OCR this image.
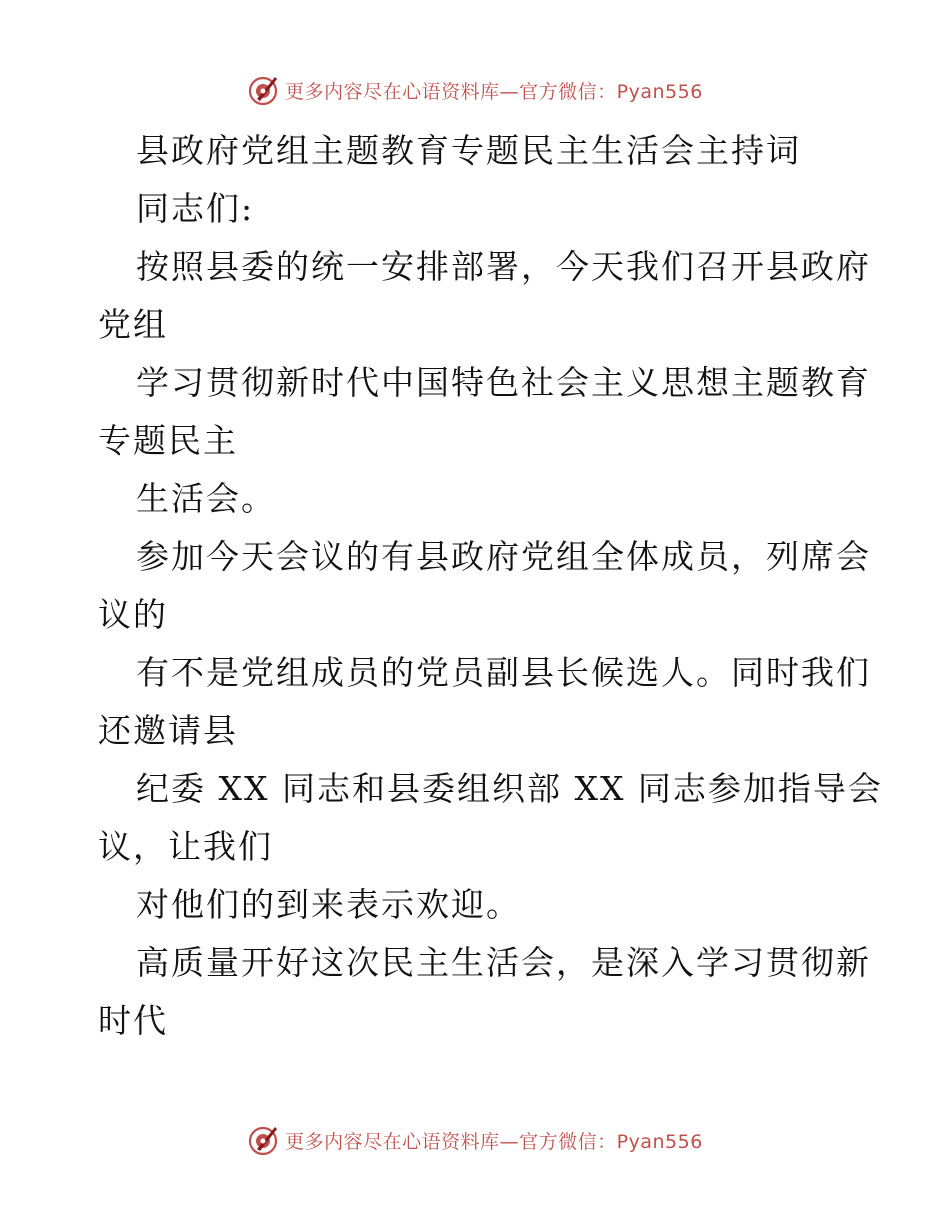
更多内容尽在心语资料库—官方微信：Pyan556
县政府党组主题教育专题民主生活会主持词
同志们:
按照县委的统一安排部署，今天我们召开县政府
党组
学习贯彻新时代中国特色社会主义思想主题教育
专题民主
生活会。
参加今天会议的有县政府党组全体成员，列席会
议的
有不是党组成员的党员副县长候选人。同时我们
还邀请县
纪委 XX 同志和县委组织部 XX 同志参加指导会
议，让我们
对他们的到来表示欢迎。
高质量开好这次民主生活会，是深入学习贯彻新
时代
更多内容尽在心语资料库—官方微信：Pyan556
